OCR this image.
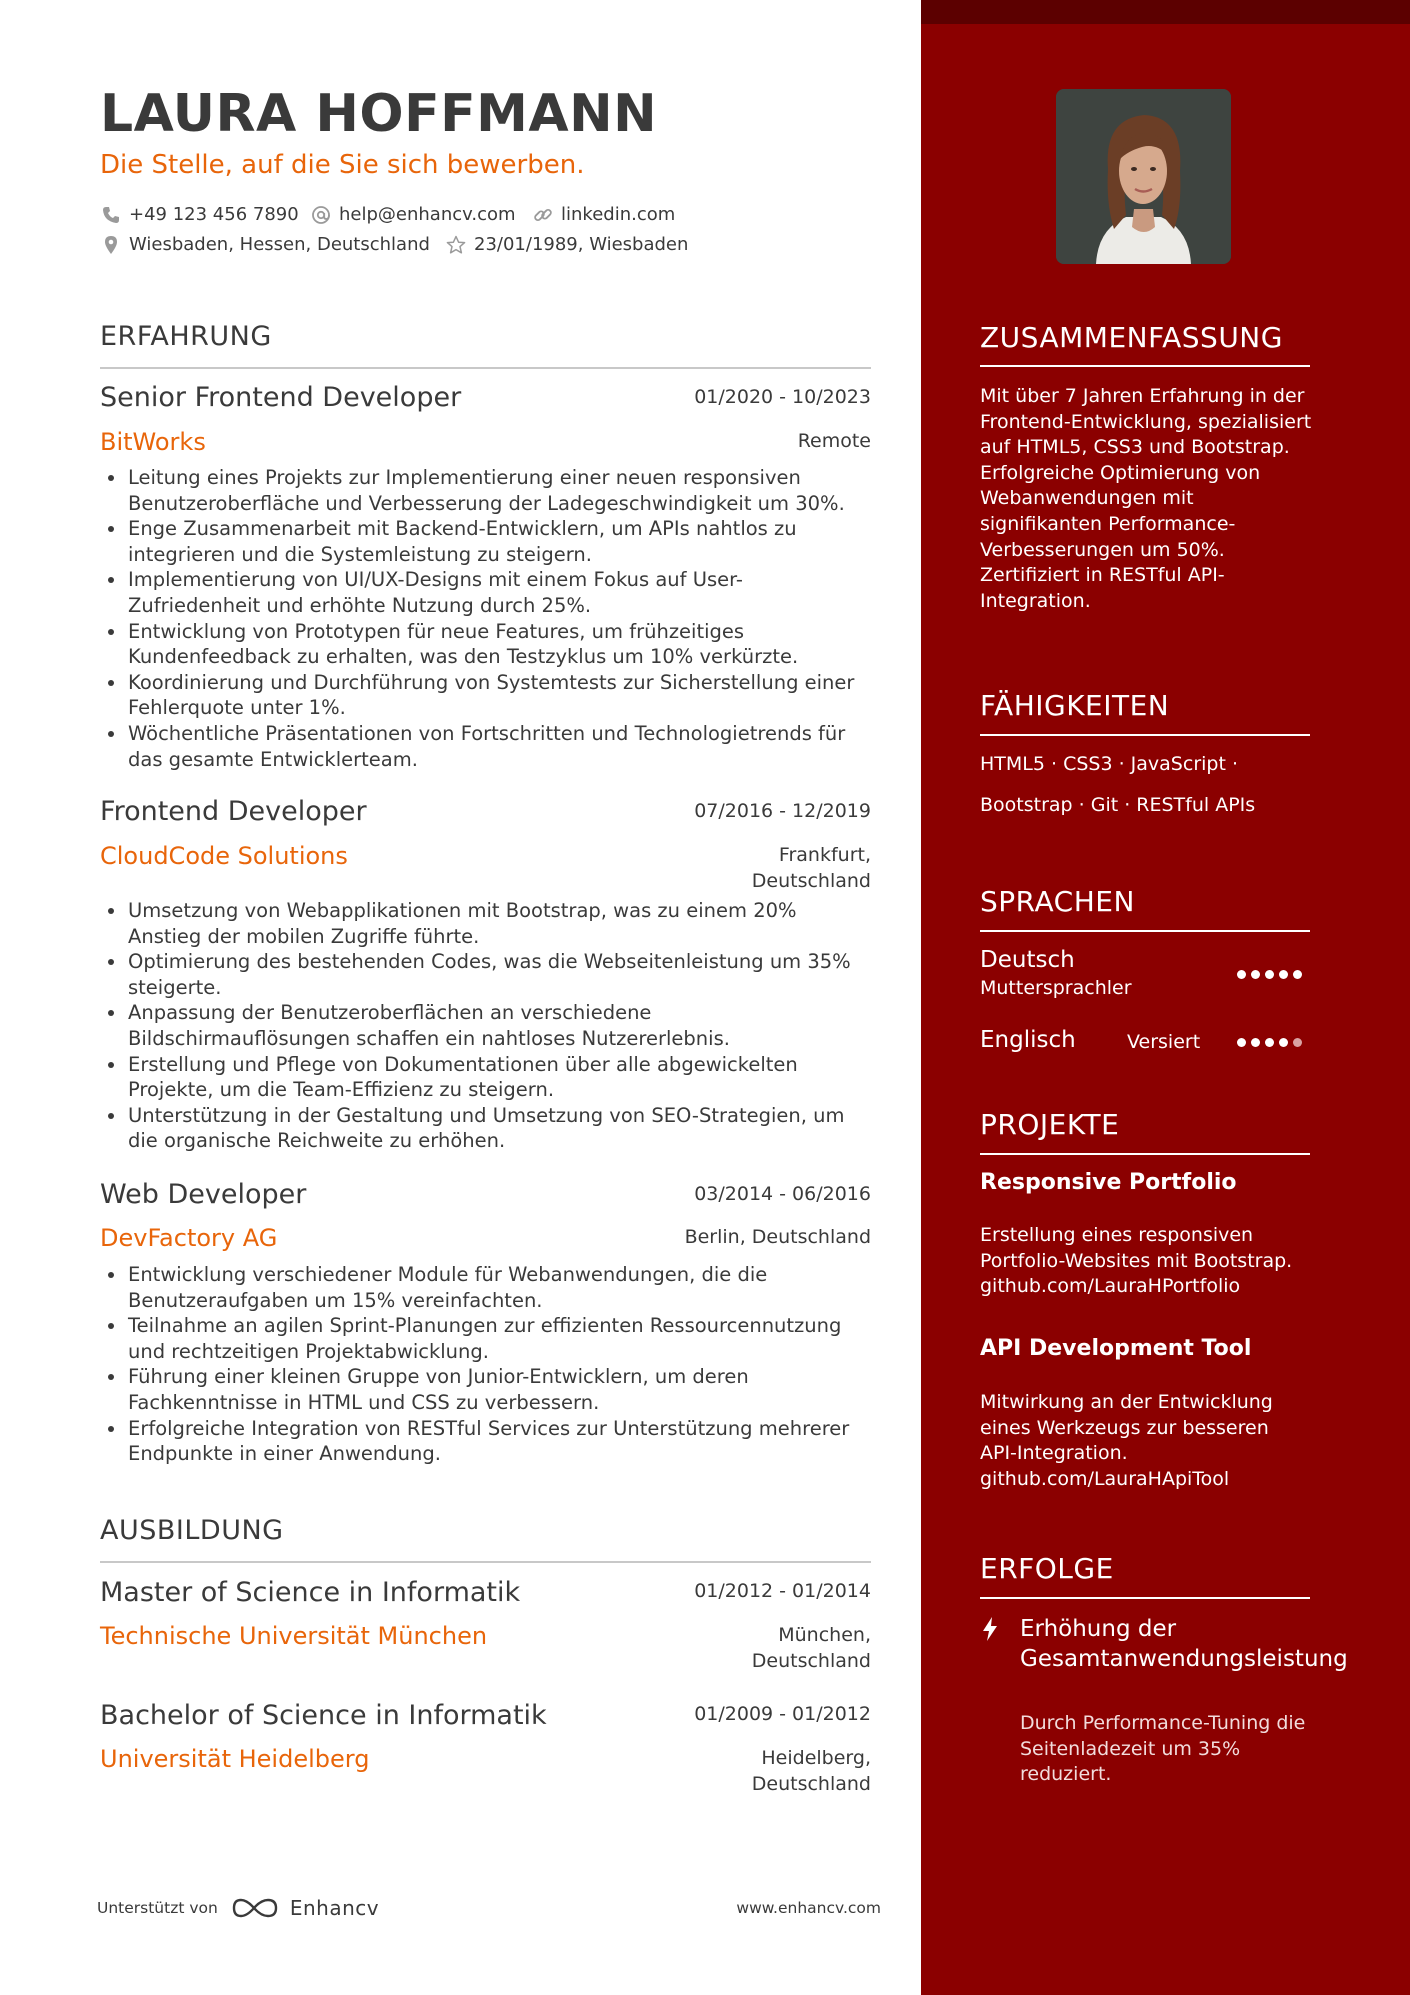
LAURA HOFFMANN
Die Stelle, auf die Sie sich bewerben.
+49 123 456 7890 help@enhancv.com	linkedin.com
Wiesbaden, Hessen, Deutschland 23/01/1989, Wiesbaden
ERFAHRUNG
Senior Frontend Developer	01/2020 - 10/2023
BitWorks	Remote
Leitung eines Projekts zur Implementierung einer neuen responsiven Benutzeroberfläche und Verbesserung der Ladegeschwindigkeit um 30%.
Enge Zusammenarbeit mit Backend-Entwicklern, um APIs nahtlos zu integrieren und die Systemleistung zu steigern.
Implementierung von UI/UX-Designs mit einem Fokus auf User-Zufriedenheit und erhöhte Nutzung durch 25%.
Entwicklung von Prototypen für neue Features, um frühzeitiges Kundenfeedback zu erhalten, was den Testzyklus um 10% verkürzte.
Koordinierung und Durchführung von Systemtests zur Sicherstellung einer Fehlerquote unter 1%.
Wöchentliche Präsentationen von Fortschritten und Technologietrends für das gesamte Entwicklerteam.
Frontend Developer	07/2016 - 12/2019
CloudCode Solutions	Frankfurt, Deutschland
Umsetzung von Webapplikationen mit Bootstrap, was zu einem 20% Anstieg der mobilen Zugriffe führte.
Optimierung des bestehenden Codes, was die Webseitenleistung um 35% steigerte.
Anpassung der Benutzeroberflächen an verschiedene Bildschirmauflösungen schaffen ein nahtloses Nutzererlebnis.
Erstellung und Pflege von Dokumentationen über alle abgewickelten Projekte, um die Team-Effizienz zu steigern.
Unterstützung in der Gestaltung und Umsetzung von SEO-Strategien, um die organische Reichweite zu erhöhen.
Web Developer	03/2014 - 06/2016
DevFactory AG	Berlin, Deutschland
Entwicklung verschiedener Module für Webanwendungen, die die Benutzeraufgaben um 15% vereinfachten.
Teilnahme an agilen Sprint-Planungen zur effizienten Ressourcennutzung und rechtzeitigen Projektabwicklung.
Führung einer kleinen Gruppe von Junior-Entwicklern, um deren Fachkenntnisse in HTML und CSS zu verbessern.
Erfolgreiche Integration von RESTful Services zur Unterstützung mehrerer Endpunkte in einer Anwendung.
AUSBILDUNG
Master of Science in Informatik	01/2012 - 01/2014
Technische Universität München	München, Deutschland
Bachelor of Science in Informatik	01/2009 - 01/2012
Universität Heidelberg	Heidelberg, Deutschland
Unterstützt von	Enhancv	www.enhancv.com
ZUSAMMENFASSUNG
Mit über 7 Jahren Erfahrung in der Frontend-Entwicklung, spezialisiert auf HTML5, CSS3 und Bootstrap. Erfolgreiche Optimierung von Webanwendungen mit signifikanten Performance-Verbesserungen um 50%. Zertifiziert in RESTful API-Integration.
FÄHIGKEITEN
HTML5 · CSS3 · JavaScript ·
Bootstrap · Git · RESTful APIs
SPRACHEN
Deutsch
Muttersprachler
Englisch	Versiert
PROJEKTE
Responsive Portfolio
Erstellung eines responsiven Portfolio-Websites mit Bootstrap. github.com/LauraHPortfolio
API Development Tool
Mitwirkung an der Entwicklung eines Werkzeugs zur besseren API-Integration. github.com/LauraHApiTool
ERFOLGE
Erhöhung der Gesamtanwendungsleistung
Durch Performance-Tuning die Seitenladezeit um 35% reduziert.
